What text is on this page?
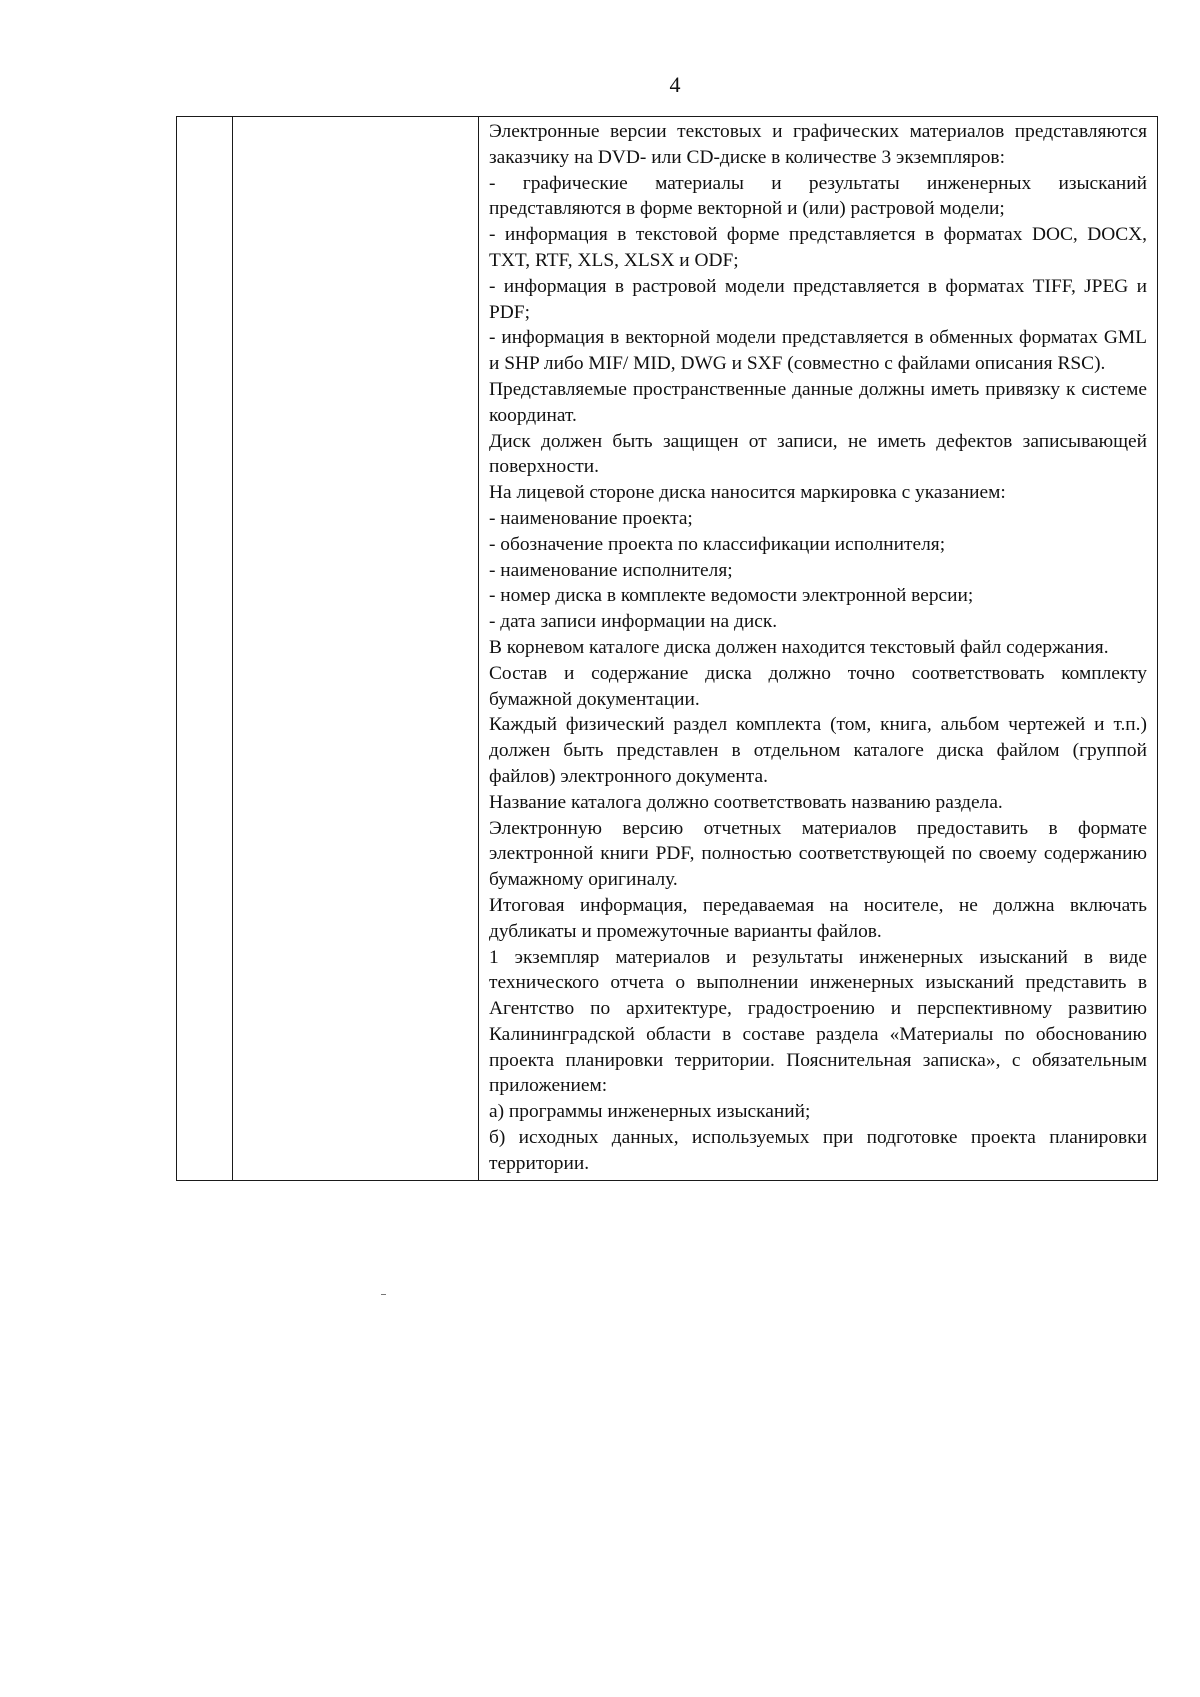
4

Электронные версии текстовых и графических материалов представляются заказчику на DVD- или CD-диске в количестве 3 экземпляров:

- графические материалы и результаты инженерных изысканий представляются в форме векторной и (или) растровой модели;

- информация в текстовой форме представляется в форматах DOC, DOCX, TXT, RTF, XLS, XLSX и ODF;

- информация в растровой модели представляется в форматах TIFF, JPEG и PDF;

- информация в векторной модели представляется в обменных форматах GML и SHP либо MIF/ MID, DWG и SXF (совместно с файлами описания RSC).

Представляемые пространственные данные должны иметь привязку к системе координат.

Диск должен быть защищен от записи, не иметь дефектов записывающей поверхности.

На лицевой стороне диска наносится маркировка с указанием:

- наименование проекта;

- обозначение проекта по классификации исполнителя;

- наименование исполнителя;

- номер диска в комплекте ведомости электронной версии;

- дата записи информации на диск.

В корневом каталоге диска должен находится текстовый файл содержания.

Состав и содержание диска должно точно соответствовать комплекту бумажной документации.

Каждый физический раздел комплекта (том, книга, альбом чертежей и т.п.) должен быть представлен в отдельном каталоге диска файлом (группой файлов) электронного документа.

Название каталога должно соответствовать названию раздела.

Электронную версию отчетных материалов предоставить в формате электронной книги PDF, полностью соответствующей по своему содержанию бумажному оригиналу.

Итоговая информация, передаваемая на носителе, не должна включать дубликаты и промежуточные варианты файлов.

1 экземпляр материалов и результаты инженерных изысканий в виде технического отчета о выполнении инженерных изысканий представить в Агентство по архитектуре, градостроению и перспективному развитию Калининградской области в составе раздела «Материалы по обоснованию проекта планировки территории. Пояснительная записка», с обязательным приложением:

а) программы инженерных изысканий;

б) исходных данных, используемых при подготовке проекта планировки территории.
